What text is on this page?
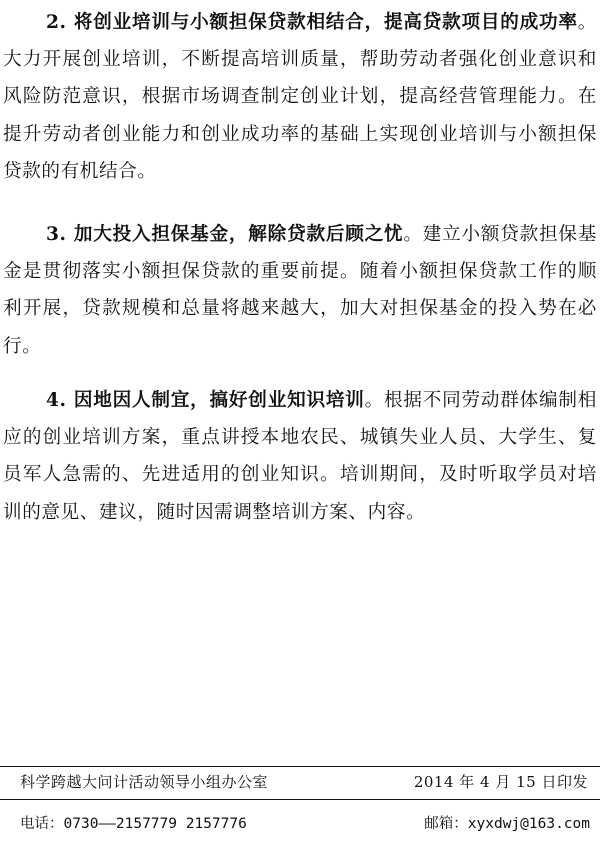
2. 将创业培训与小额担保贷款相结合，提高贷款项目的成功率。大力开展创业培训，不断提高培训质量，帮助劳动者强化创业意识和风险防范意识，根据市场调查制定创业计划，提高经营管理能力。在提升劳动者创业能力和创业成功率的基础上实现创业培训与小额担保贷款的有机结合。

3. 加大投入担保基金，解除贷款后顾之忧。建立小额贷款担保基金是贯彻落实小额担保贷款的重要前提。随着小额担保贷款工作的顺利开展，贷款规模和总量将越来越大，加大对担保基金的投入势在必行。

4. 因地因人制宜，搞好创业知识培训。根据不同劳动群体编制相应的创业培训方案，重点讲授本地农民、城镇失业人员、大学生、复员军人急需的、先进适用的创业知识。培训期间，及时听取学员对培训的意见、建议，随时因需调整培训方案、内容。

科学跨越大问计活动领导小组办公室	2014 年 4 月 15 日印发
电话：0730——2157779 2157776	邮箱：xyxdwj@163.com
